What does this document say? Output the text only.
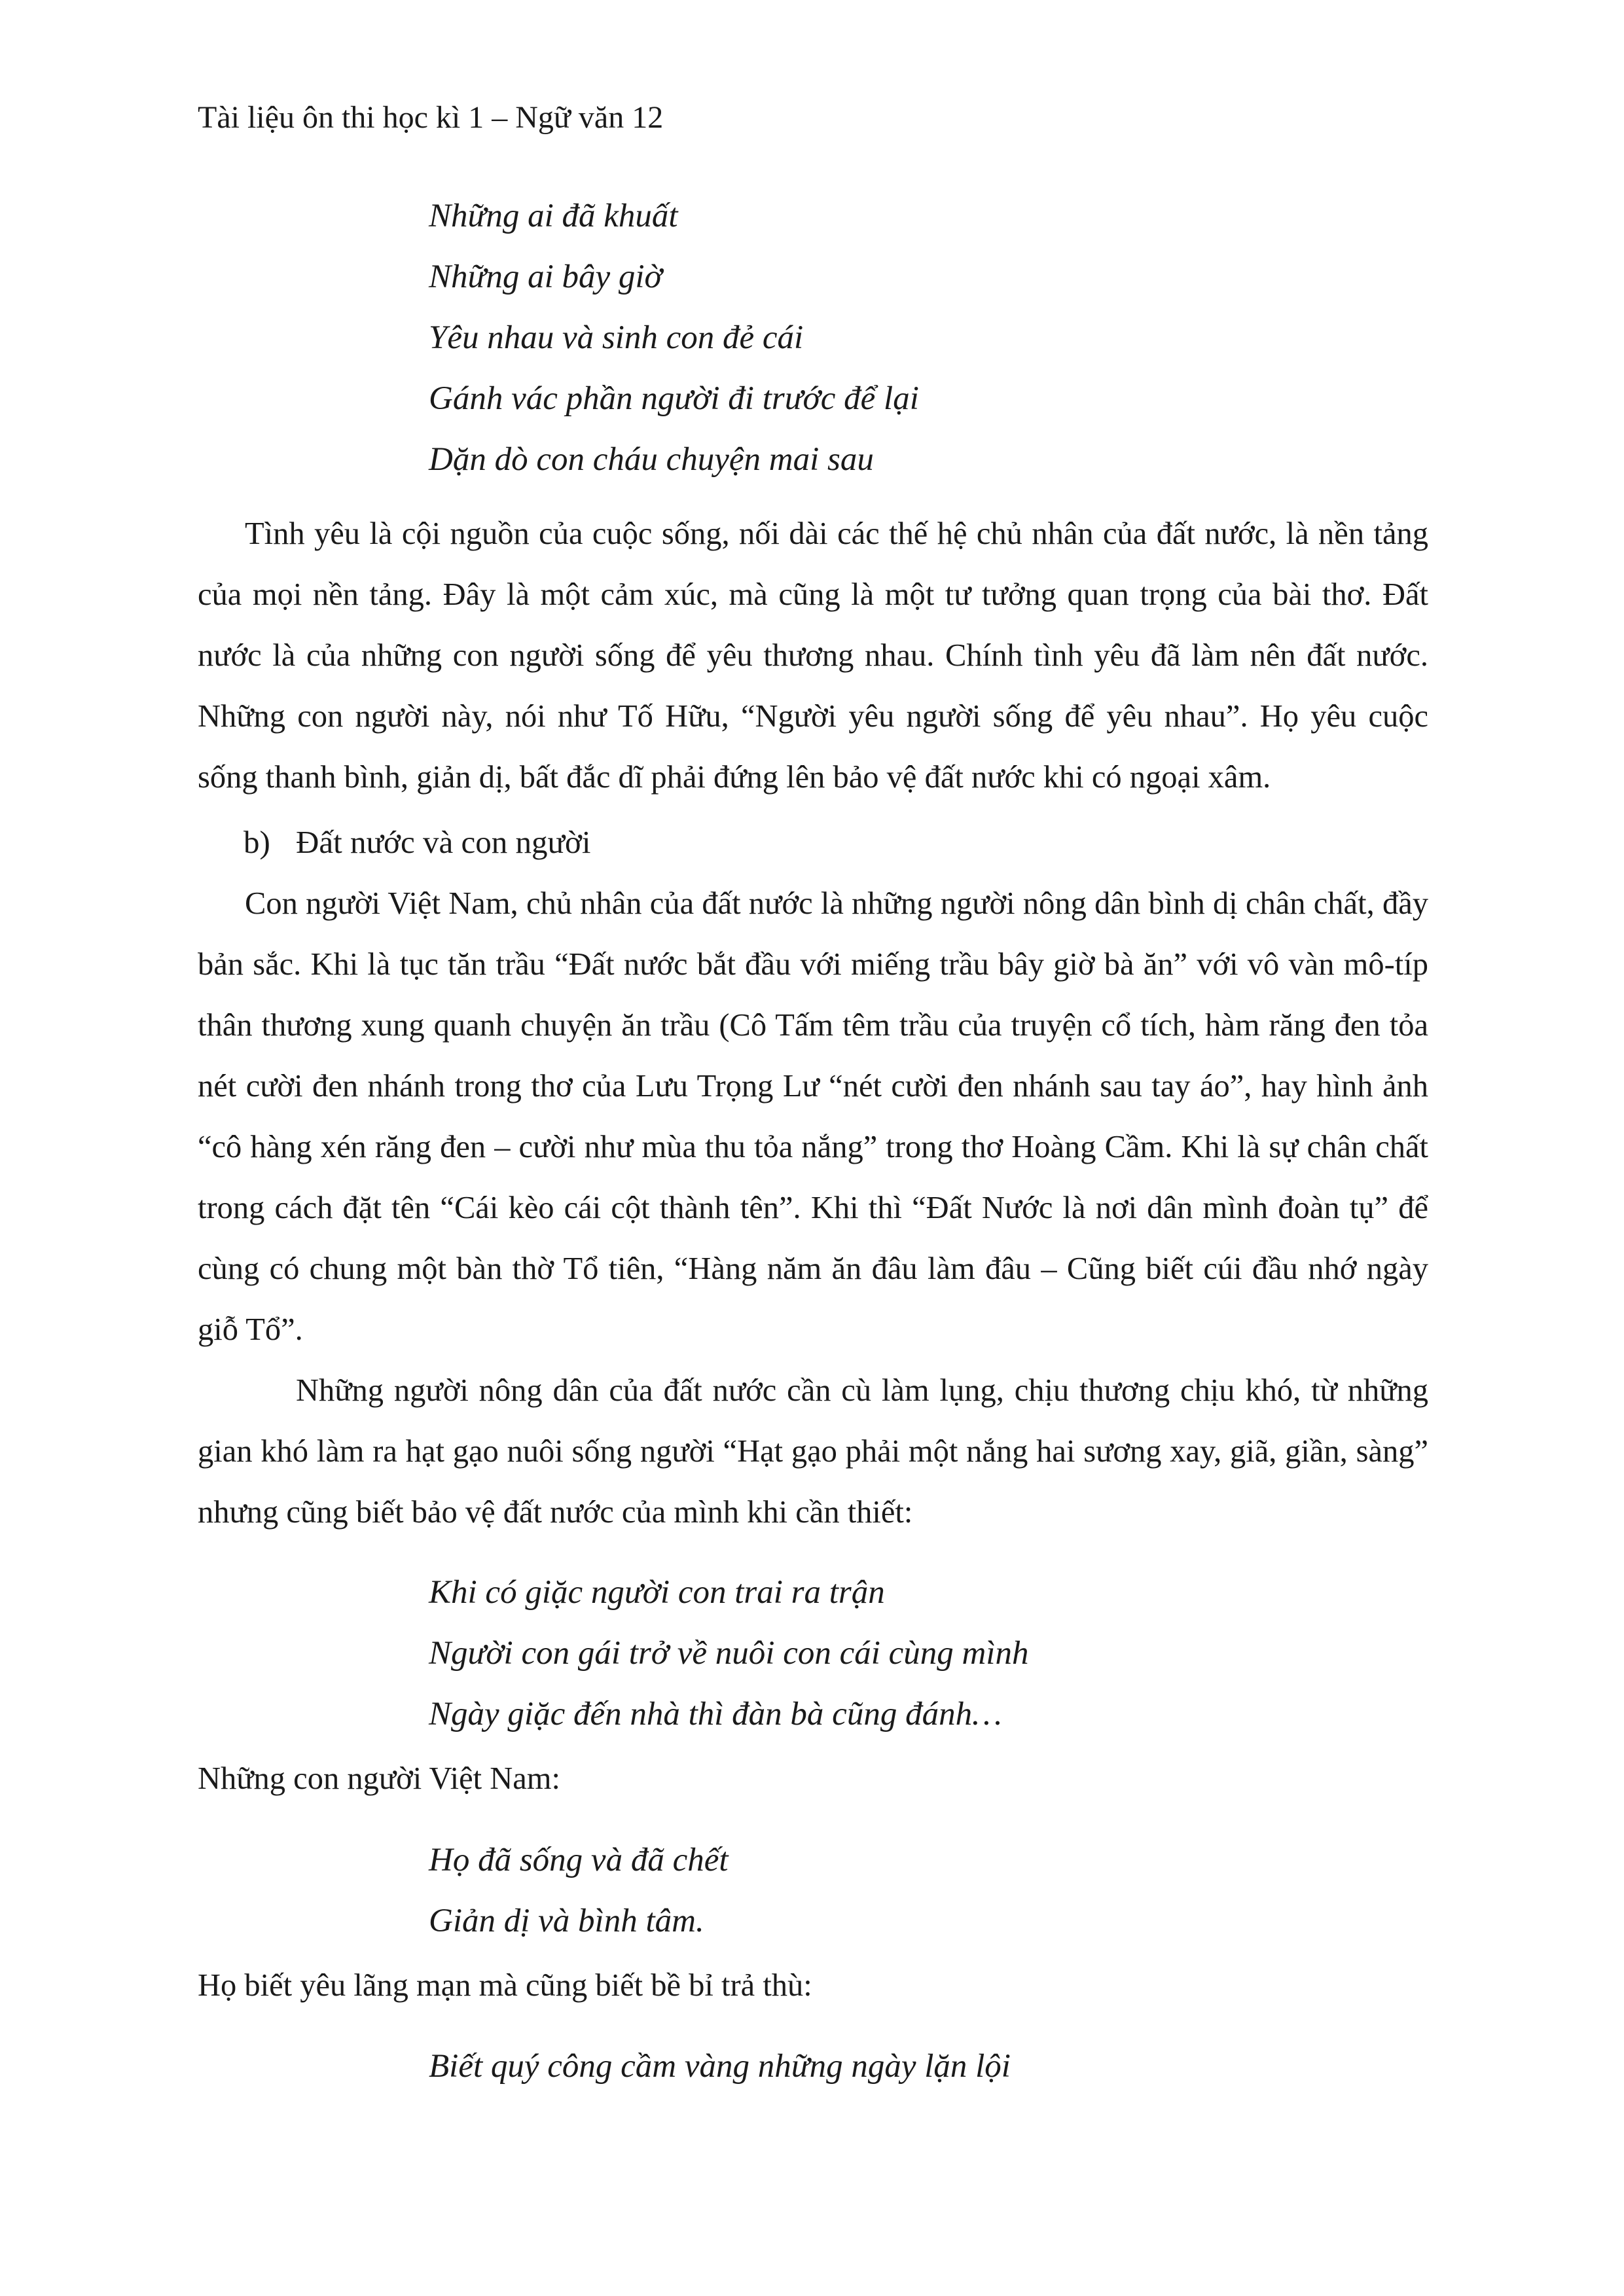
Tài liệu ôn thi học kì 1 – Ngữ văn 12
Những ai đã khuất
Những ai bây giờ
Yêu nhau và sinh con đẻ cái
Gánh vác phần người đi trước để lại
Dặn dò con cháu chuyện mai sau

Tình yêu là cội nguồn của cuộc sống, nối dài các thế hệ chủ nhân của đất nước, là nền tảng của mọi nền tảng. Đây là một cảm xúc, mà cũng là một tư tưởng quan trọng của bài thơ. Đất nước là của những con người sống để yêu thương nhau. Chính tình yêu đã làm nên đất nước. Những con người này, nói như Tố Hữu, “Người yêu người sống để yêu nhau”. Họ yêu cuộc sống thanh bình, giản dị, bất đắc dĩ phải đứng lên bảo vệ đất nước khi có ngoại xâm.

b) Đất nước và con người

Con người Việt Nam, chủ nhân của đất nước là những người nông dân bình dị chân chất, đầy bản sắc. Khi là tục tăn trầu “Đất nước bắt đầu với miếng trầu bây giờ bà ăn” với vô vàn mô-típ thân thương xung quanh chuyện ăn trầu (Cô Tấm têm trầu của truyện cổ tích, hàm răng đen tỏa nét cười đen nhánh trong thơ của Lưu Trọng Lư “nét cười đen nhánh sau tay áo”, hay hình ảnh “cô hàng xén răng đen – cười như mùa thu tỏa nắng” trong thơ Hoàng Cầm. Khi là sự chân chất trong cách đặt tên “Cái kèo cái cột thành tên”. Khi thì “Đất Nước là nơi dân mình đoàn tụ” để cùng có chung một bàn thờ Tổ tiên, “Hàng năm ăn đâu làm đâu – Cũng biết cúi đầu nhớ ngày giỗ Tổ”.

Những người nông dân của đất nước cần cù làm lụng, chịu thương chịu khó, từ những gian khó làm ra hạt gạo nuôi sống người “Hạt gạo phải một nắng hai sương xay, giã, giần, sàng” nhưng cũng biết bảo vệ đất nước của mình khi cần thiết:

Khi có giặc người con trai ra trận
Người con gái trở về nuôi con cái cùng mình
Ngày giặc đến nhà thì đàn bà cũng đánh…
Những con người Việt Nam:
Họ đã sống và đã chết
Giản dị và bình tâm.
Họ biết yêu lãng mạn mà cũng biết bề bỉ trả thù:
Biết quý công cầm vàng những ngày lặn lội
